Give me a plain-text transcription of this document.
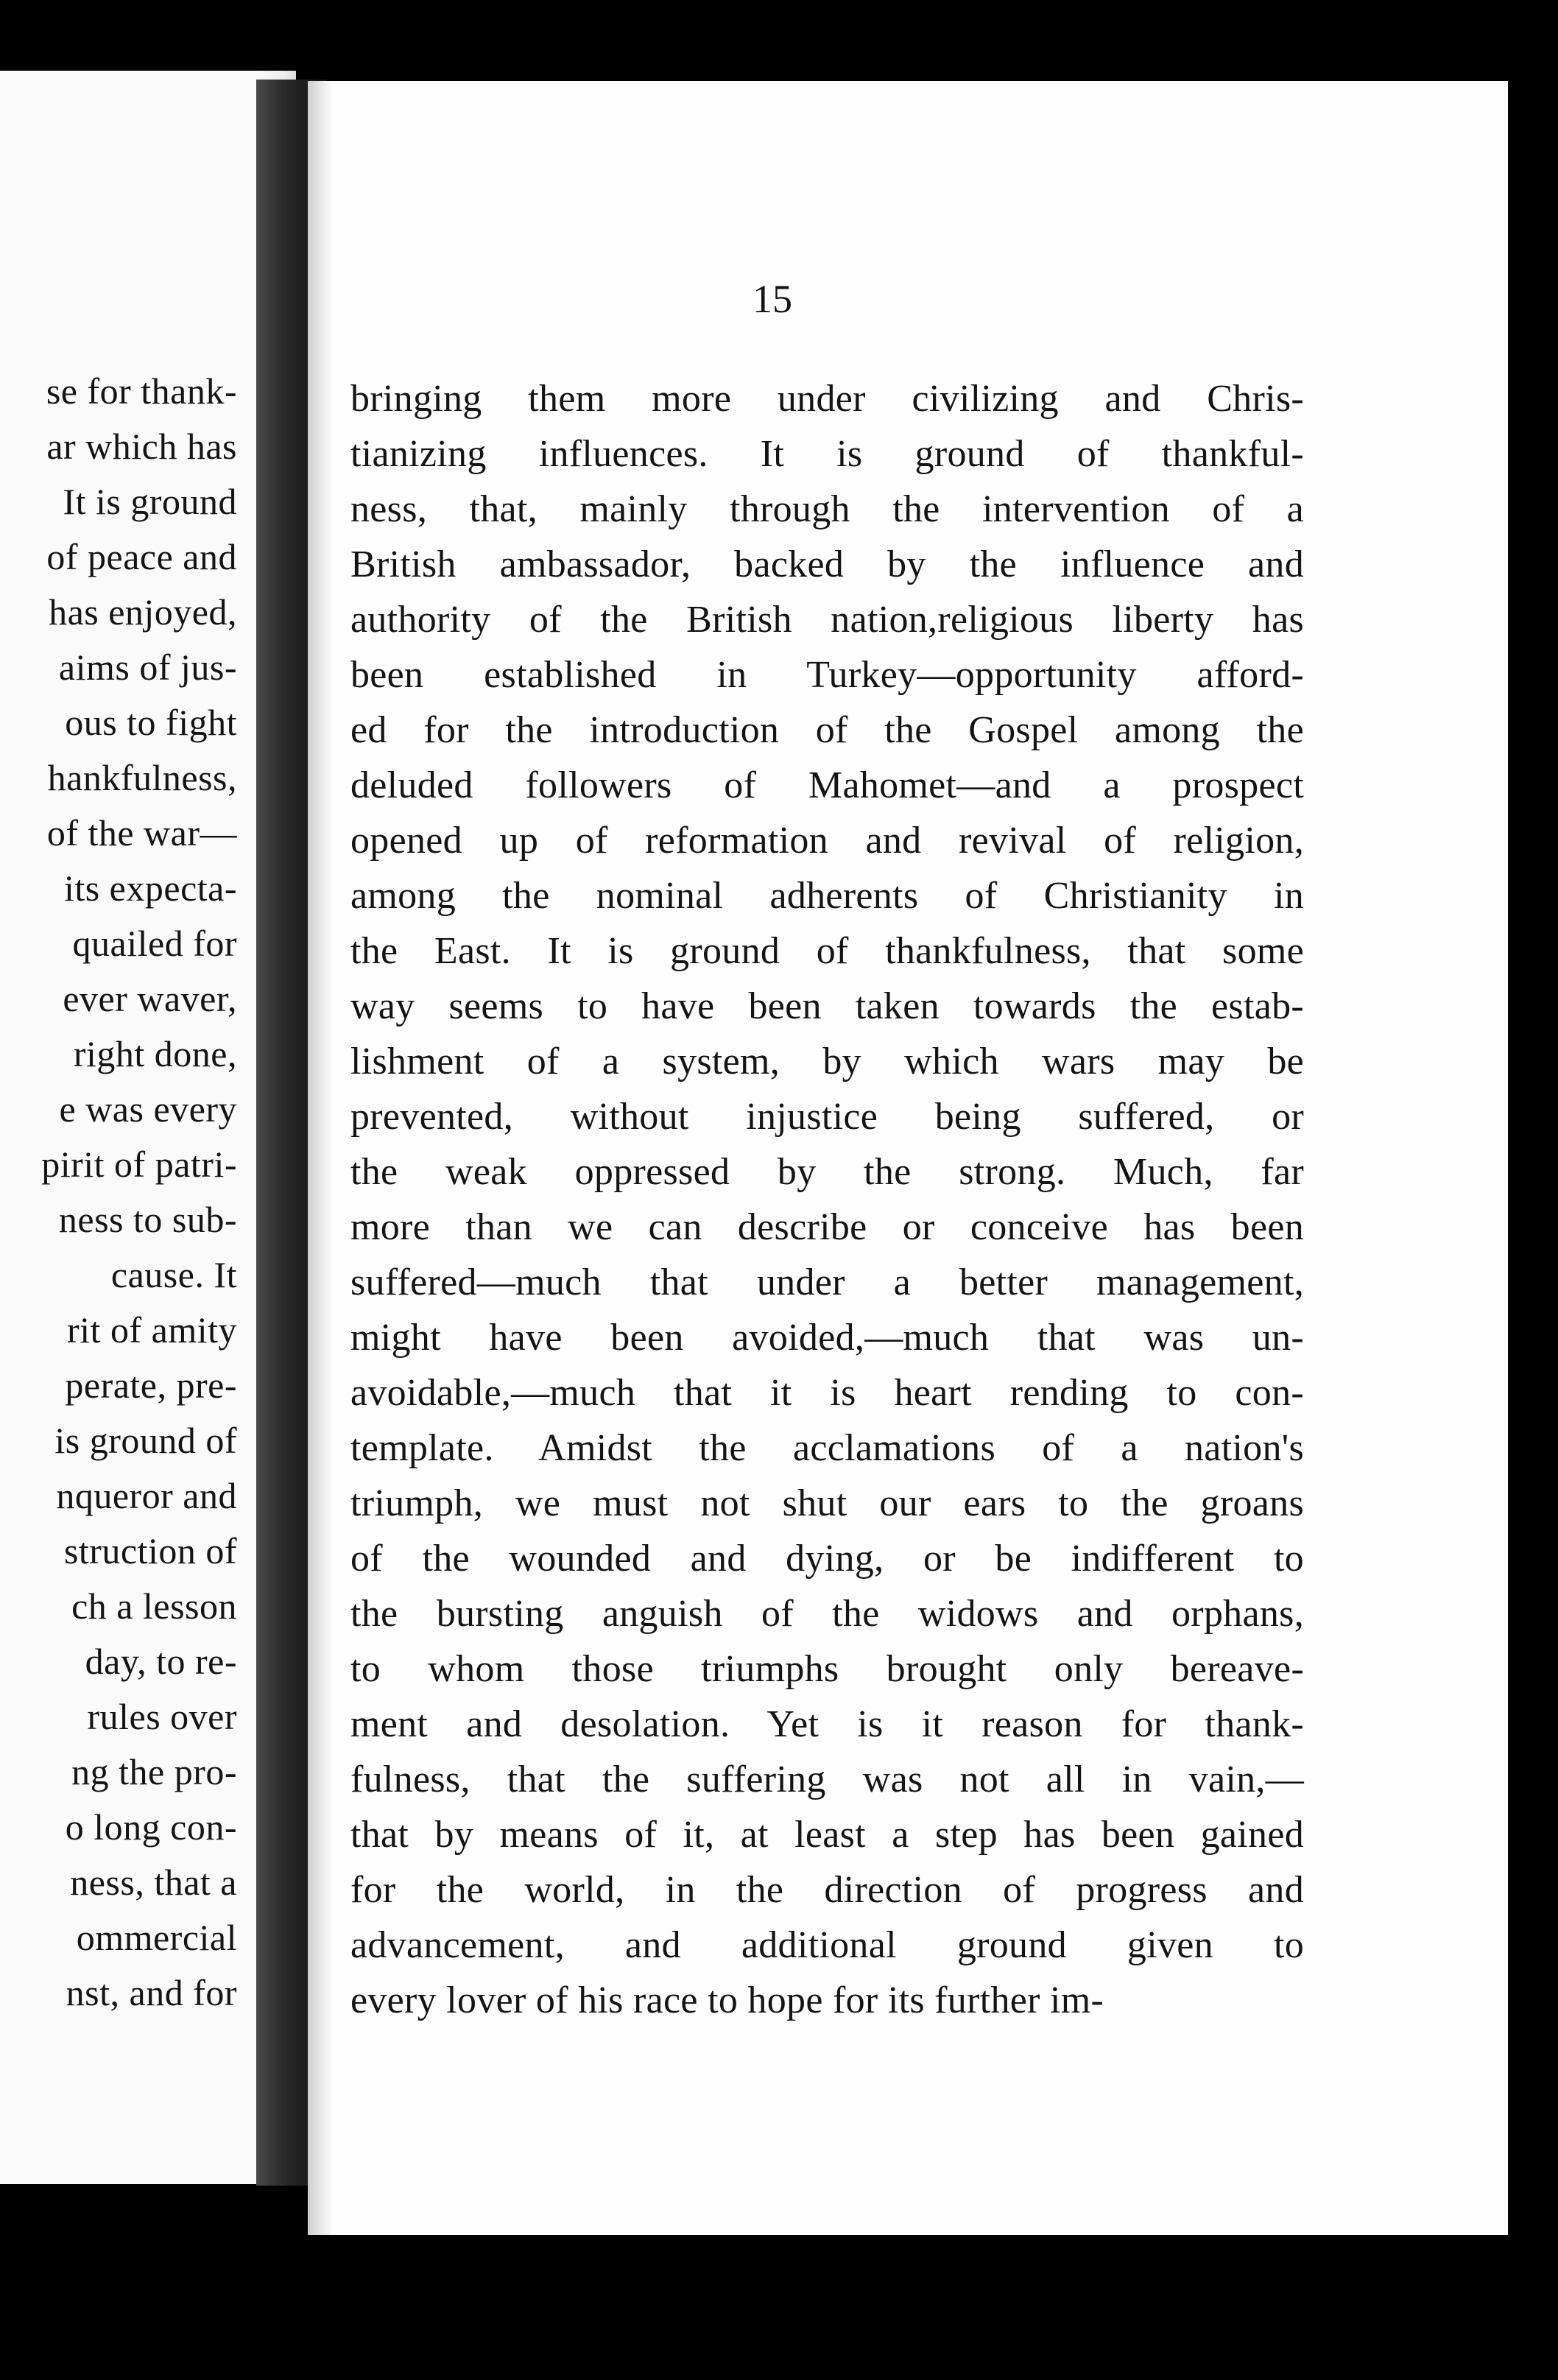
se for thank-
ar which has
It is ground
of peace and
has enjoyed,
aims of jus-
ous to fight
hankfulness,
of the war—
its expecta-
quailed for
ever waver,
right done,
e was every
pirit of patri-
ness to sub-
cause. It
rit of amity
perate, pre-
is ground of
nqueror and
struction of
ch a lesson
day, to re-
rules over
ng the pro-
o long con-
ness, that a
ommercial
nst, and for
15
bringing them more under civilizing and Chris-
tianizing influences. It is ground of thankful-
ness, that, mainly through the intervention of a
British ambassador, backed by the influence and
authority of the British nation,religious liberty has
been established in Turkey—opportunity afford-
ed for the introduction of the Gospel among the
deluded followers of Mahomet—and a prospect
opened up of reformation and revival of religion,
among the nominal adherents of Christianity in
the East. It is ground of thankfulness, that some
way seems to have been taken towards the estab-
lishment of a system, by which wars may be
prevented, without injustice being suffered, or
the weak oppressed by the strong. Much, far
more than we can describe or conceive has been
suffered—much that under a better management,
might have been avoided,—much that was un-
avoidable,—much that it is heart rending to con-
template. Amidst the acclamations of a nation's
triumph, we must not shut our ears to the groans
of the wounded and dying, or be indifferent to
the bursting anguish of the widows and orphans,
to whom those triumphs brought only bereave-
ment and desolation. Yet is it reason for thank-
fulness, that the suffering was not all in vain,—
that by means of it, at least a step has been gained
for the world, in the direction of progress and
advancement, and additional ground given to
every lover of his race to hope for its further im-
